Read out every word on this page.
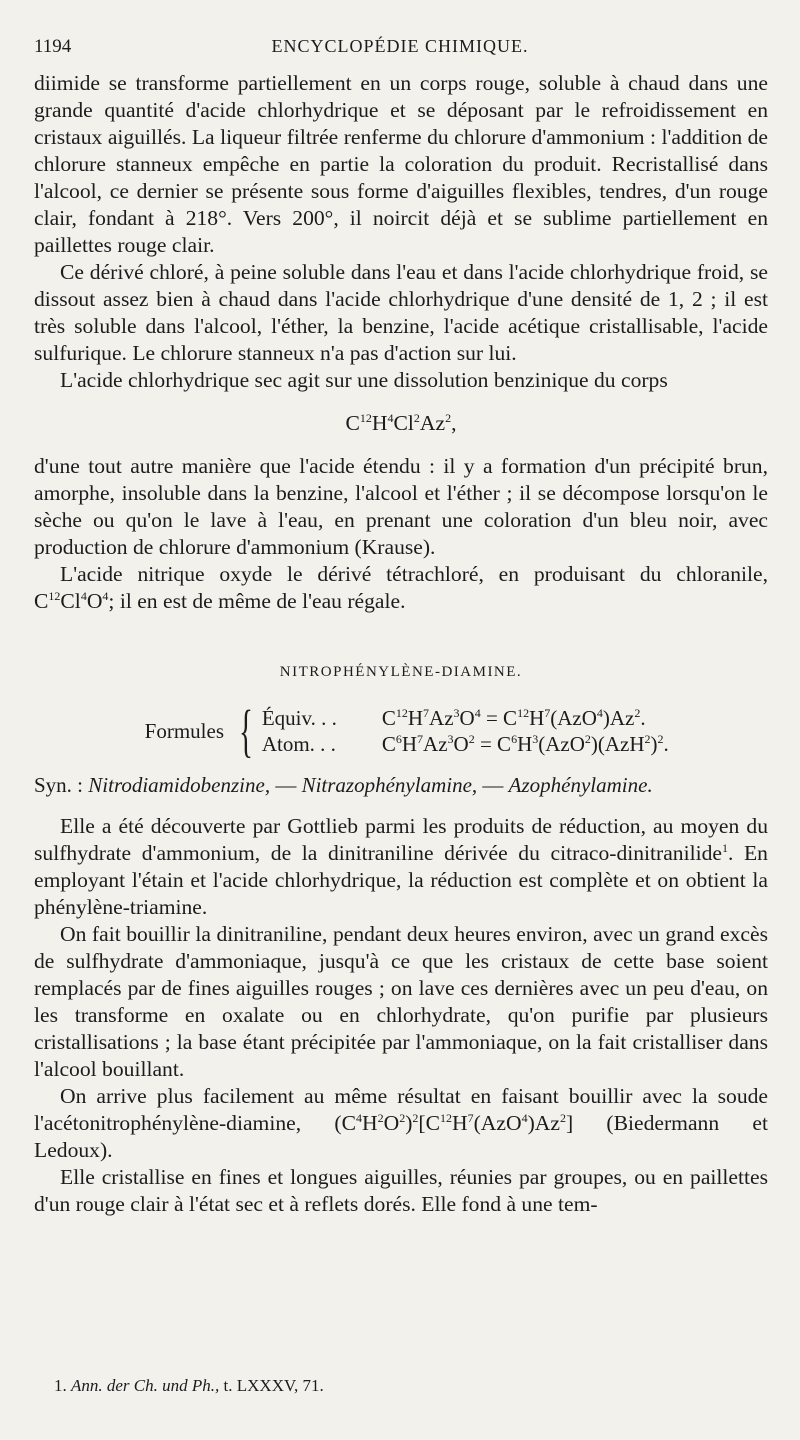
1194	ENCYCLOPÉDIE CHIMIQUE.

diimide se transforme partiellement en un corps rouge, soluble à chaud dans une grande quantité d'acide chlorhydrique et se déposant par le refroidissement en cristaux aiguillés. La liqueur filtrée renferme du chlorure d'ammonium : l'addition de chlorure stanneux empêche en partie la coloration du produit. Recristallisé dans l'alcool, ce dernier se présente sous forme d'aiguilles flexibles, tendres, d'un rouge clair, fondant à 218°. Vers 200°, il noircit déjà et se sublime partiellement en paillettes rouge clair.

Ce dérivé chloré, à peine soluble dans l'eau et dans l'acide chlorhydrique froid, se dissout assez bien à chaud dans l'acide chlorhydrique d'une densité de 1, 2 ; il est très soluble dans l'alcool, l'éther, la benzine, l'acide acétique cristallisable, l'acide sulfurique. Le chlorure stanneux n'a pas d'action sur lui.

L'acide chlorhydrique sec agit sur une dissolution benzinique du corps

$C^{12}H^4Cl^2Az^2$,

d'une tout autre manière que l'acide étendu : il y a formation d'un précipité brun, amorphe, insoluble dans la benzine, l'alcool et l'éther ; il se décompose lorsqu'on le sèche ou qu'on le lave à l'eau, en prenant une coloration d'un bleu noir, avec production de chlorure d'ammonium (Krause).

L'acide nitrique oxyde le dérivé tétrachloré, en produisant du chloranile, $C^{12}Cl^4O^4$; il en est de même de l'eau régale.

NITROPHÉNYLÈNE-DIAMINE.
Formules { Équiv. . .	$C^{12}H^7Az^3O^4 = C^{12}H^7(AzO^4)Az^2$.
Atom. . .	$C^6H^7Az^3O^2 = C^6H^3(AzO^2)(AzH^2)^2$.

Syn. : Nitrodiamidobenzine, — Nitrazophénylamine, — Azophénylamine.

Elle a été découverte par Gottlieb parmi les produits de réduction, au moyen du sulfhydrate d'ammonium, de la dinitraniline dérivée du citraco-dinitranilide$^1$. En employant l'étain et l'acide chlorhydrique, la réduction est complète et on obtient la phénylène-triamine.

On fait bouillir la dinitraniline, pendant deux heures environ, avec un grand excès de sulfhydrate d'ammoniaque, jusqu'à ce que les cristaux de cette base soient remplacés par de fines aiguilles rouges ; on lave ces dernières avec un peu d'eau, on les transforme en oxalate ou en chlorhydrate, qu'on purifie par plusieurs cristallisations ; la base étant précipitée par l'ammoniaque, on la fait cristalliser dans l'alcool bouillant.

On arrive plus facilement au même résultat en faisant bouillir avec la soude l'acétonitrophénylène-diamine, $(C^4H^2O^2)^2[C^{12}H^7(AzO^4)Az^2]$ (Biedermann et Ledoux).

Elle cristallise en fines et longues aiguilles, réunies par groupes, ou en paillettes d'un rouge clair à l'état sec et à reflets dorés. Elle fond à une tem-

1. Ann. der Ch. und Ph., t. LXXXV, 71.
